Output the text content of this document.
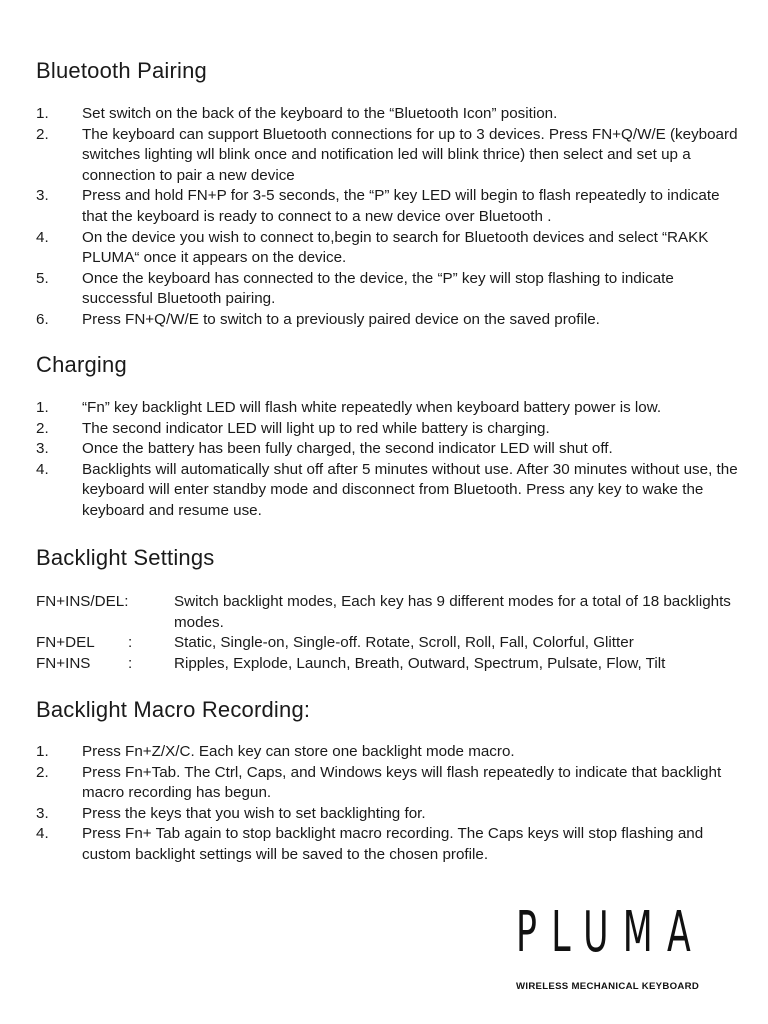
Bluetooth Pairing
1.	Set switch on the back of the keyboard to the “Bluetooth Icon” position.
2.	The keyboard can support Bluetooth connections for up to 3 devices. Press FN+Q/W/E (keyboard switches lighting wll blink once and notification led will blink thrice) then select and set up a connection to pair a new device
3.	Press and hold FN+P for 3-5 seconds, the “P” key LED will begin to flash repeatedly to indicate that the keyboard is ready to connect to a new device over Bluetooth .
4.	On the device you wish to connect to,begin to search for Bluetooth devices and select “RAKK PLUMA“ once it appears on the device.
5.	Once the keyboard has connected to the device, the “P” key will stop flashing to indicate successful Bluetooth pairing.
6.	Press FN+Q/W/E to switch to a previously paired device on the saved profile.
Charging
1.	“Fn” key backlight LED will flash white repeatedly when keyboard battery power is low.
2.	The second indicator LED will light up to red while battery is charging.
3.	Once the battery has been fully charged, the second indicator LED will shut off.
4.	Backlights will automatically shut off after 5 minutes without use. After 30 minutes without use, the keyboard will enter standby mode and disconnect from Bluetooth. Press any key to wake the keyboard and resume use.
Backlight Settings
FN+INS/DEL:	Switch backlight modes, Each key has 9 different modes for a total of 18 backlights modes.
FN+DEL	:	Static, Single-on, Single-off. Rotate, Scroll, Roll, Fall, Colorful, Glitter
FN+INS	:	Ripples, Explode, Launch, Breath, Outward, Spectrum, Pulsate, Flow, Tilt
Backlight Macro Recording:
1.	Press Fn+Z/X/C. Each key can store one backlight mode macro.
2.	Press Fn+Tab. The Ctrl, Caps, and Windows keys will flash repeatedly to indicate that backlight macro recording has begun.
3.	Press the keys that you wish to set backlighting for.
4.	Press Fn+ Tab again to stop backlight macro recording. The Caps keys will stop flashing and custom backlight settings will be saved to the chosen profile.
PLUMA
WIRELESS MECHANICAL KEYBOARD
